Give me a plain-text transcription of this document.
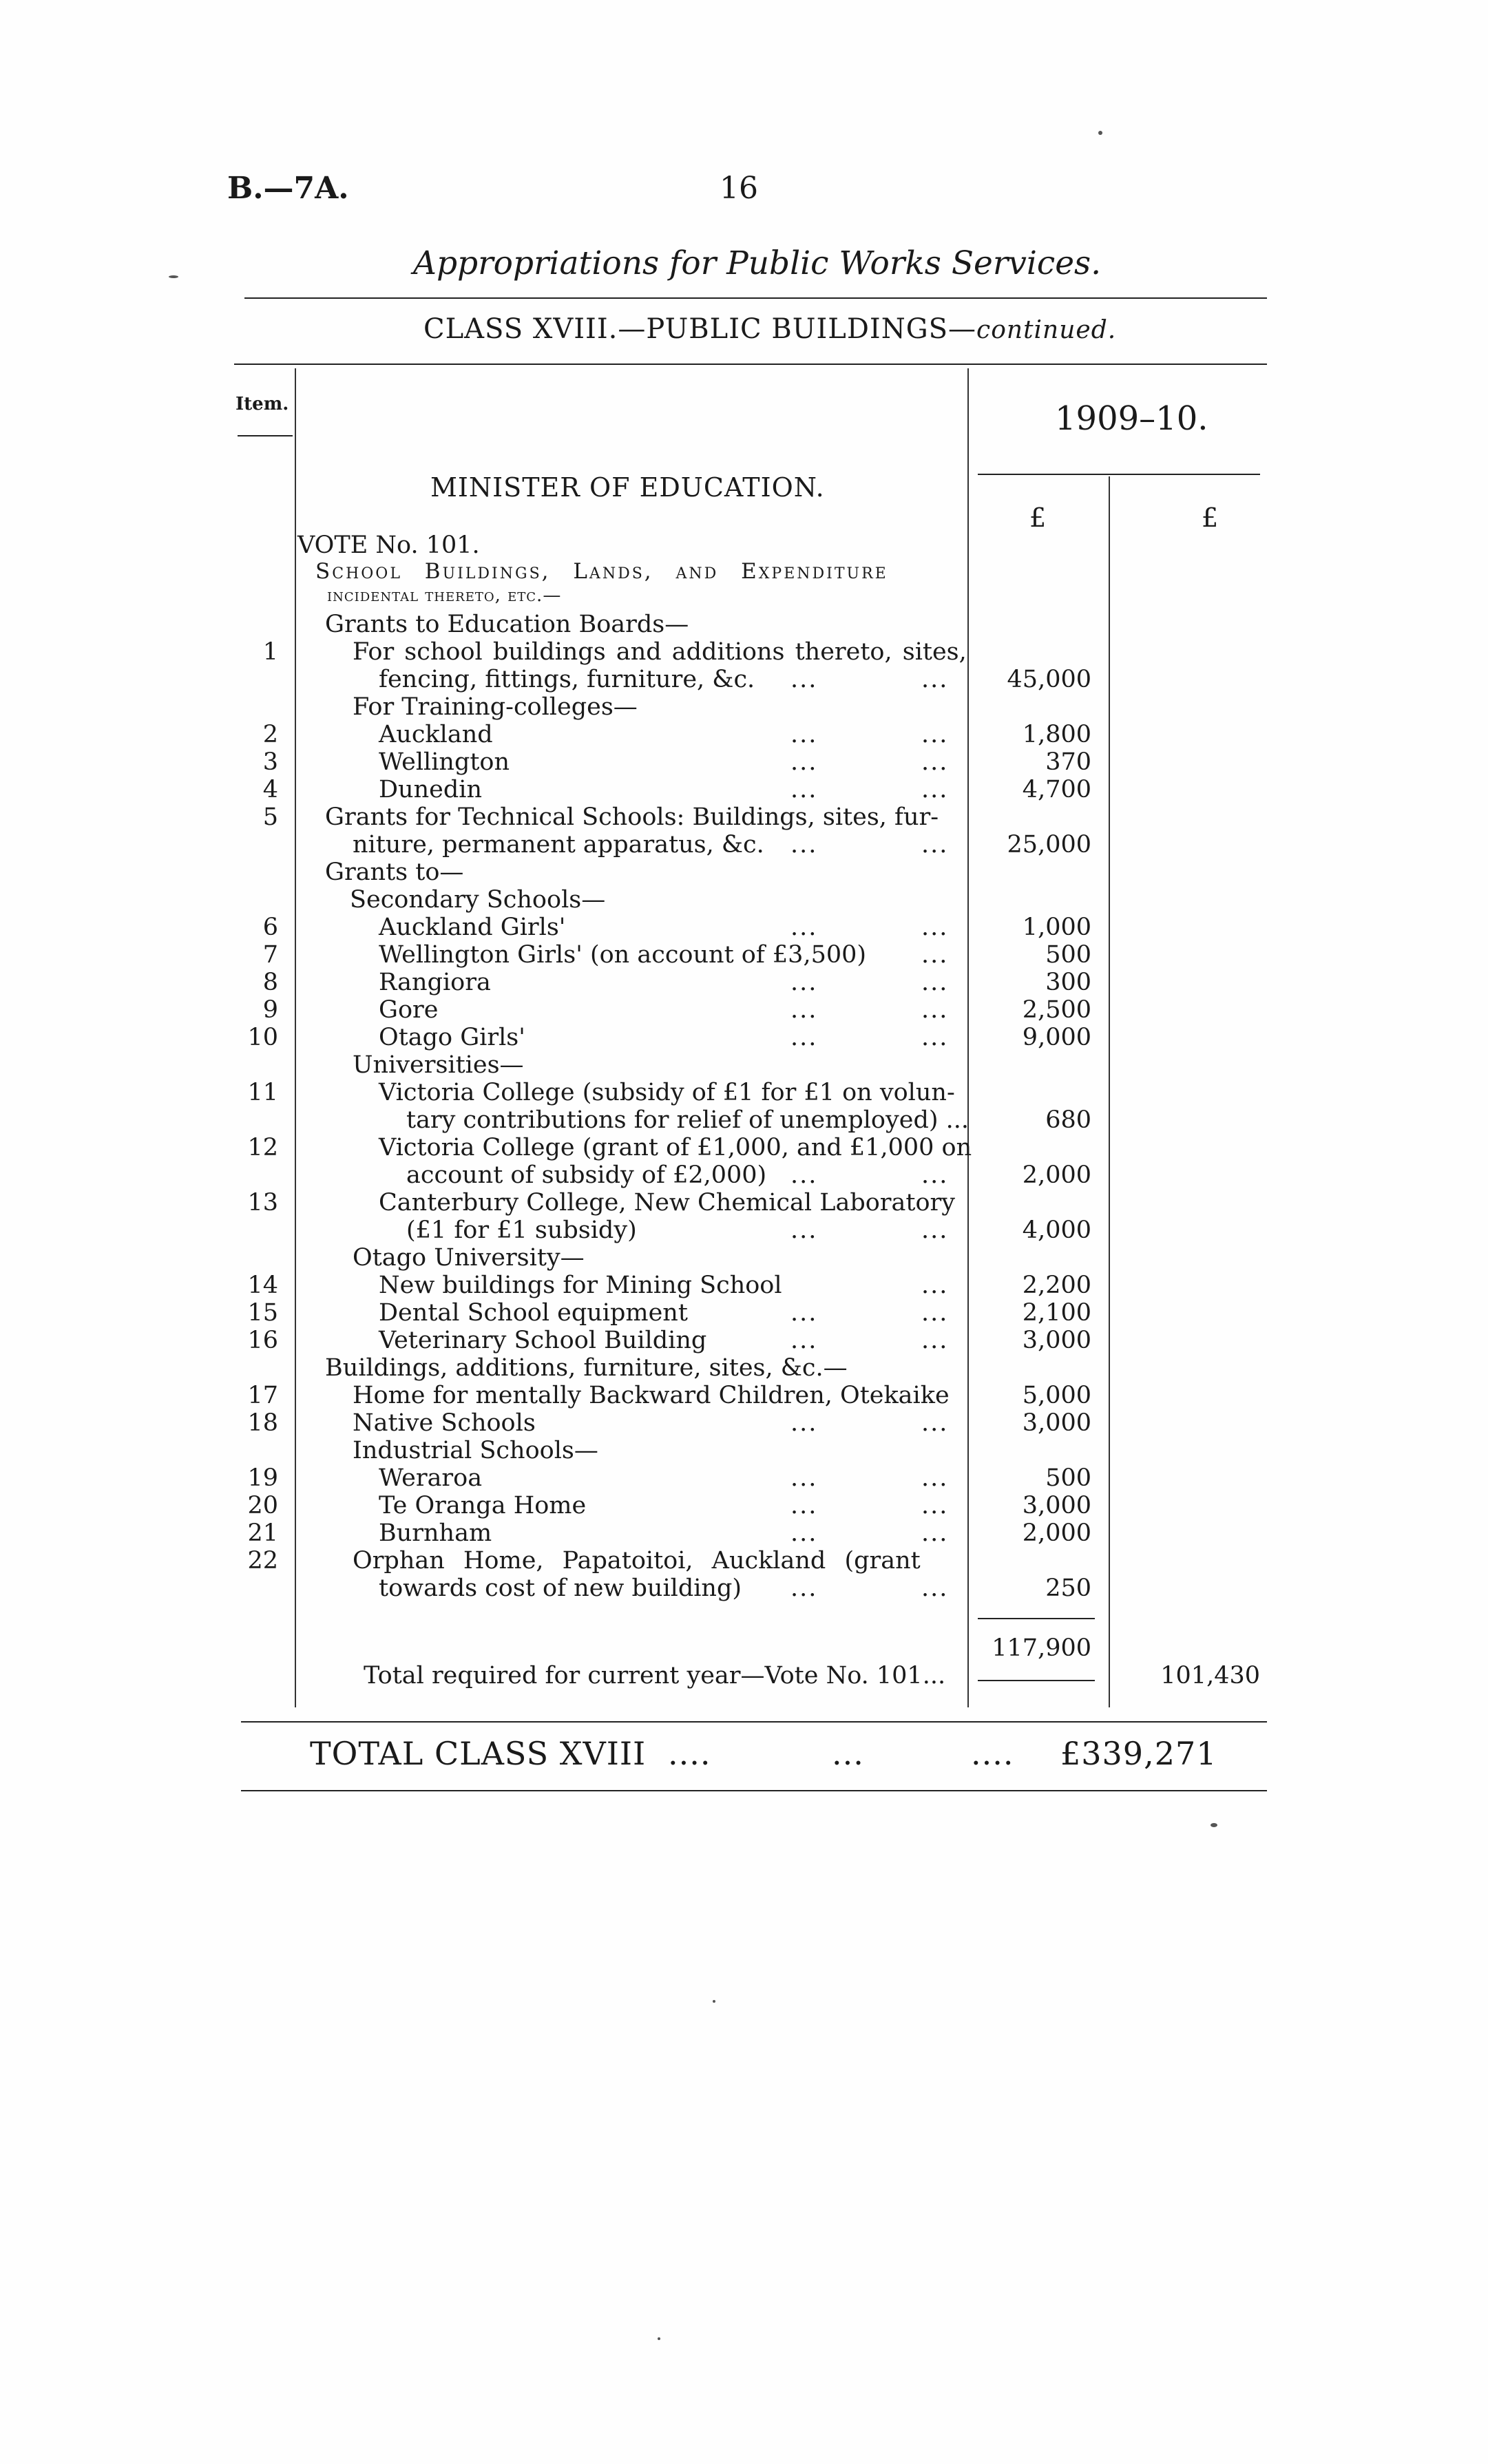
B.—7A.	16
Appropriations for Public Works Services.
CLASS XVIII.—PUBLIC BUILDINGS—continued.
Item.	1909–10.
£	£
MINISTER OF EDUCATION.
VOTE No. 101.
School Buildings, Lands, and Expenditure
incidental thereto, etc.—
Grants to Education Boards—
1	For school buildings and additions thereto, sites,
fencing, fittings, furniture, &c. ...	...	45,000
For Training-colleges—
2	Auckland	...	...	1,800
3	Wellington	...	...	370
4	Dunedin	...	...	4,700
5 Grants for Technical Schools: Buildings, sites, fur-
niture, permanent apparatus, &c. ...	...	25,000
Grants to—
Secondary Schools—
6	Auckland Girls'	...	...	1,000
7	Wellington Girls' (on account of £3,500) ...	500
8	Rangiora	...	...	300
9	Gore	...	...	2,500
10	Otago Girls'	...	...	9,000
Universities—
11	Victoria College (subsidy of £1 for £1 on volun-
tary contributions for relief of unemployed) ...	680
12	Victoria College (grant of £1,000, and £1,000 on
account of subsidy of £2,000) ...	...	2,000
13	Canterbury College, New Chemical Laboratory
(£1 for £1 subsidy)	...	...	4,000
Otago University—
14	New buildings for Mining School	...	2,200
15	Dental School equipment	...	...	2,100
16	Veterinary School Building	...	...	3,000
Buildings, additions, furniture, sites, &c.—
17	Home for mentally Backward Children, Otekaike	5,000
18	Native Schools	...	...	3,000
Industrial Schools—
19	Weraroa	...	...	500
20	Te Oranga Home	...	...	3,000
21	Burnham	...	...	2,000
22	Orphan Home, Papatoitoi, Auckland (grant
towards cost of new building) ...	...	250
117,900
Total required for current year—Vote No. 101...	101,430
TOTAL CLASS XVIII ....	...	.... £339,271
